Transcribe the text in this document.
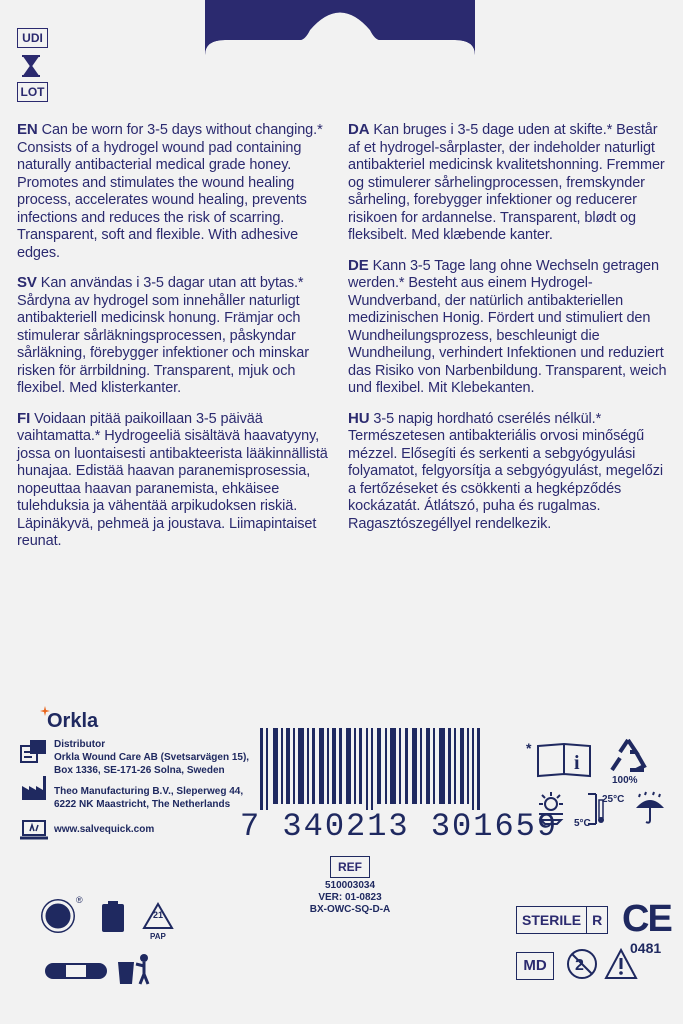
UDI
LOT

EN Can be worn for 3-5 days without changing.* Consists of a hydrogel wound pad containing naturally antibacterial medical grade honey. Promotes and stimulates the wound healing process, accelerates wound healing, prevents infections and reduces the risk of scarring. Transparent, soft and flexible. With adhesive edges.

SV Kan användas i 3-5 dagar utan att bytas.* Sårdyna av hydrogel som innehåller naturligt antibakteriell medicinsk honung. Främjar och stimulerar sårläkningsprocessen, påskyndar sårläkning, förebygger infektioner och minskar risken för ärrbildning. Transparent, mjuk och flexibel. Med klisterkanter.

FI Voidaan pitää paikoillaan 3-5 päivää vaihtamatta.* Hydrogeeliä sisältävä haavatyyny, jossa on luontaisesti antibakteerista lääkinnällistä hunajaa. Edistää haavan paranemisprosessia, nopeuttaa haavan paranemista, ehkäisee tulehduksia ja vähentää arpikudoksen riskiä. Läpinäkyvä, pehmeä ja joustava. Liimapintaiset reunat.

DA Kan bruges i 3-5 dage uden at skifte.* Består af et hydrogel-sårplaster, der indeholder naturligt antibakteriel medicinsk kvalitetshonning. Fremmer og stimulerer sårhelingprocessen, fremskynder sårheling, forebygger infektioner og reducerer risikoen for ardannelse. Transparent, blødt og fleksibelt. Med klæbende kanter.

DE Kann 3-5 Tage lang ohne Wechseln getragen werden.* Besteht aus einem Hydrogel-Wundverband, der natürlich antibakteriellen medizinischen Honig. Fördert und stimuliert den Wundheilungsprozess, beschleunigt die Wundheilung, verhindert Infektionen und reduziert das Risiko von Narbenbildung. Transparent, weich und flexibel. Mit Klebekanten.

HU 3-5 napig hordható cserélés nélkül.* Természetesen antibakteriális orvosi minőségű mézzel. Elősegíti és serkenti a sebgyógyulási folyamatot, felgyorsítja a sebgyógyulást, megelőzi a fertőzéseket és csökkenti a hegképződés kockázatát. Átlátszó, puha és rugalmas. Ragasztószegéllyel rendelkezik.

Orkla
Distributor
Orkla Wound Care AB (Svetsarvägen 15),
Box 1336, SE-171-26 Solna, Sweden
Theo Manufacturing B.V., Sleperweg 44,
6222 NK Maastricht, The Netherlands
www.salvequick.com	7 340213 301659
*
i
100%
25°C
5°C
REF
510003034
VER: 01-0823
BX-OWC-SQ-D-A
®
21
PAP
STERILE R CE
0481
MD	2
